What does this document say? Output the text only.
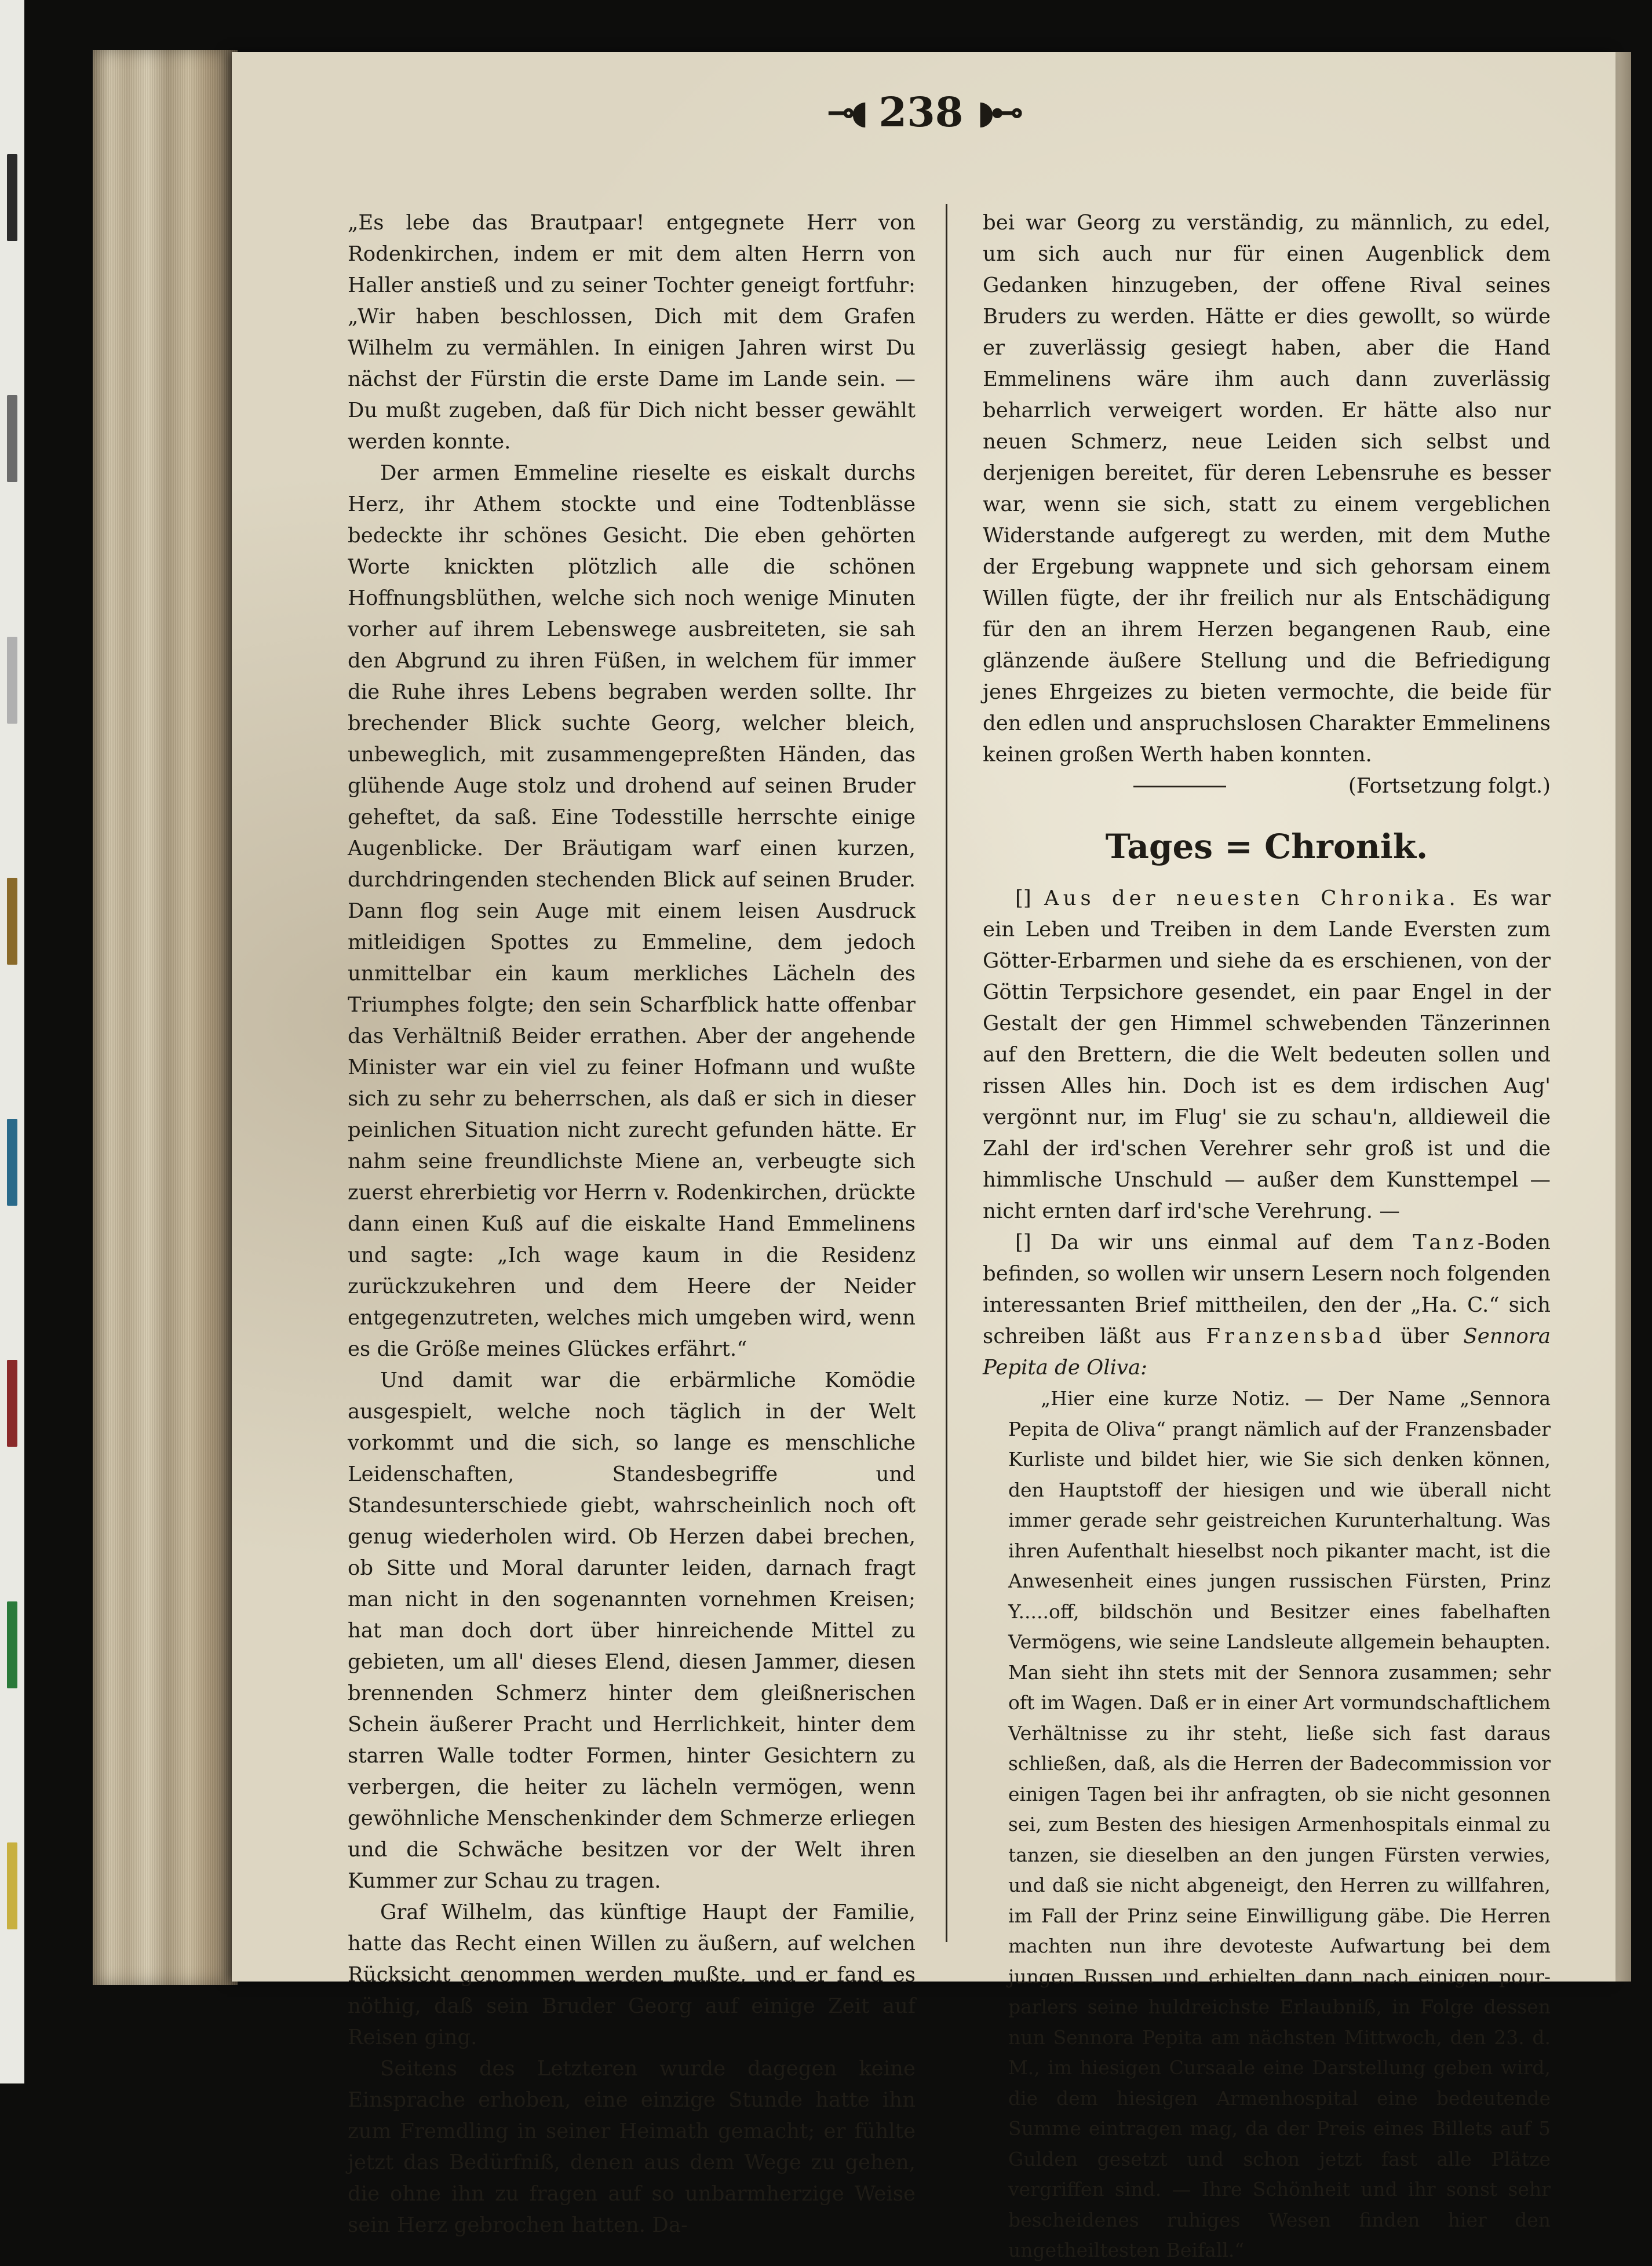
⊸◖ 238 ◗⊷

„Es lebe das Brautpaar! entgegnete Herr von Rodenkirchen, indem er mit dem alten Herrn von Haller anstieß und zu seiner Tochter geneigt fortfuhr: „Wir haben beschlossen, Dich mit dem Grafen Wilhelm zu vermählen. In einigen Jahren wirst Du nächst der Fürstin die erste Dame im Lande sein. — Du mußt zugeben, daß für Dich nicht besser gewählt werden konnte.

Der armen Emmeline rieselte es eiskalt durchs Herz, ihr Athem stockte und eine Todtenblässe bedeckte ihr schönes Gesicht. Die eben gehörten Worte knickten plötzlich alle die schönen Hoffnungsblüthen, welche sich noch wenige Minuten vorher auf ihrem Lebenswege ausbreiteten, sie sah den Abgrund zu ihren Füßen, in welchem für immer die Ruhe ihres Lebens begraben werden sollte. Ihr brechender Blick suchte Georg, welcher bleich, unbeweglich, mit zusammengepreßten Händen, das glühende Auge stolz und drohend auf seinen Bruder geheftet, da saß. Eine Todesstille herrschte einige Augenblicke. Der Bräutigam warf einen kurzen, durchdringenden stechenden Blick auf seinen Bruder. Dann flog sein Auge mit einem leisen Ausdruck mitleidigen Spottes zu Emmeline, dem jedoch unmittelbar ein kaum merkliches Lächeln des Triumphes folgte; den sein Scharfblick hatte offenbar das Verhältniß Beider errathen. Aber der angehende Minister war ein viel zu feiner Hofmann und wußte sich zu sehr zu beherrschen, als daß er sich in dieser peinlichen Situation nicht zurecht gefunden hätte. Er nahm seine freundlichste Miene an, verbeugte sich zuerst ehrerbietig vor Herrn v. Rodenkirchen, drückte dann einen Kuß auf die eiskalte Hand Emmelinens und sagte: „Ich wage kaum in die Residenz zurückzukehren und dem Heere der Neider entgegenzutreten, welches mich umgeben wird, wenn es die Größe meines Glückes erfährt.“

Und damit war die erbärmliche Komödie ausgespielt, welche noch täglich in der Welt vorkommt und die sich, so lange es menschliche Leidenschaften, Standesbegriffe und Standesunterschiede giebt, wahrscheinlich noch oft genug wiederholen wird. Ob Herzen dabei brechen, ob Sitte und Moral darunter leiden, darnach fragt man nicht in den sogenannten vornehmen Kreisen; hat man doch dort über hinreichende Mittel zu gebieten, um all' dieses Elend, diesen Jammer, diesen brennenden Schmerz hinter dem gleißnerischen Schein äußerer Pracht und Herrlichkeit, hinter dem starren Walle todter Formen, hinter Gesichtern zu verbergen, die heiter zu lächeln vermögen, wenn gewöhnliche Menschenkinder dem Schmerze erliegen und die Schwäche besitzen vor der Welt ihren Kummer zur Schau zu tragen.

Graf Wilhelm, das künftige Haupt der Familie, hatte das Recht einen Willen zu äußern, auf welchen Rücksicht genommen werden mußte, und er fand es nöthig, daß sein Bruder Georg auf einige Zeit auf Reisen ging.

Seitens des Letzteren wurde dagegen keine Einsprache erhoben, eine einzige Stunde hatte ihn zum Fremdling in seiner Heimath gemacht; er fühlte jetzt das Bedürfniß, denen aus dem Wege zu gehen, die ohne ihn zu fragen auf so unbarmherzige Weise sein Herz gebrochen hatten. Da-

bei war Georg zu verständig, zu männlich, zu edel, um sich auch nur für einen Augenblick dem Gedanken hinzugeben, der offene Rival seines Bruders zu werden. Hätte er dies gewollt, so würde er zuverlässig gesiegt haben, aber die Hand Emmelinens wäre ihm auch dann zuverlässig beharrlich verweigert worden. Er hätte also nur neuen Schmerz, neue Leiden sich selbst und derjenigen bereitet, für deren Lebensruhe es besser war, wenn sie sich, statt zu einem vergeblichen Widerstande aufgeregt zu werden, mit dem Muthe der Ergebung wappnete und sich gehorsam einem Willen fügte, der ihr freilich nur als Entschädigung für den an ihrem Herzen begangenen Raub, eine glänzende äußere Stellung und die Befriedigung jenes Ehrgeizes zu bieten vermochte, die beide für den edlen und anspruchslosen Charakter Emmelinens keinen großen Werth haben konnten.

(Fortsetzung folgt.)
Tages = Chronik.

[] Aus der neuesten Chronika. Es war ein Leben und Treiben in dem Lande Eversten zum Götter-Erbarmen und siehe da es erschienen, von der Göttin Terpsichore gesendet, ein paar Engel in der Gestalt der gen Himmel schwebenden Tänzerinnen auf den Brettern, die die Welt bedeuten sollen und rissen Alles hin. Doch ist es dem irdischen Aug' vergönnt nur, im Flug' sie zu schau'n, alldieweil die Zahl der ird'schen Verehrer sehr groß ist und die himmlische Unschuld — außer dem Kunsttempel — nicht ernten darf ird'sche Verehrung. —

[] Da wir uns einmal auf dem Tanz-Boden befinden, so wollen wir unsern Lesern noch folgenden interessanten Brief mittheilen, den der „Ha. C.“ sich schreiben läßt aus Franzensbad über Sennora Pepita de Oliva:

„Hier eine kurze Notiz. — Der Name „Sennora Pepita de Oliva“ prangt nämlich auf der Franzensbader Kurliste und bildet hier, wie Sie sich denken können, den Hauptstoff der hiesigen und wie überall nicht immer gerade sehr geistreichen Kurunterhaltung. Was ihren Aufenthalt hieselbst noch pikanter macht, ist die Anwesenheit eines jungen russischen Fürsten, Prinz Y.....off, bildschön und Besitzer eines fabelhaften Vermögens, wie seine Landsleute allgemein behaupten. Man sieht ihn stets mit der Sennora zusammen; sehr oft im Wagen. Daß er in einer Art vormundschaftlichem Verhältnisse zu ihr steht, ließe sich fast daraus schließen, daß, als die Herren der Badecommission vor einigen Tagen bei ihr anfragten, ob sie nicht gesonnen sei, zum Besten des hiesigen Armenhospitals einmal zu tanzen, sie dieselben an den jungen Fürsten verwies, und daß sie nicht abgeneigt, den Herren zu willfahren, im Fall der Prinz seine Einwilligung gäbe. Die Herren machten nun ihre devoteste Aufwartung bei dem jungen Russen und erhielten dann nach einigen pour-parlers seine huldreichste Erlaubniß, in Folge dessen nun Sennora Pepita am nächsten Mittwoch, den 23. d. M., im hiesigen Cursaale eine Darstellung geben wird, die dem hiesigen Armenhospital eine bedeutende Summe eintragen mag, da der Preis eines Billets auf 5 Gulden gesetzt und schon jetzt fast alle Plätze vergriffen sind. — Ihre Schönheit und ihr sonst sehr bescheidenes ruhiges Wesen finden hier den ungetheiltesten Beifall.“
